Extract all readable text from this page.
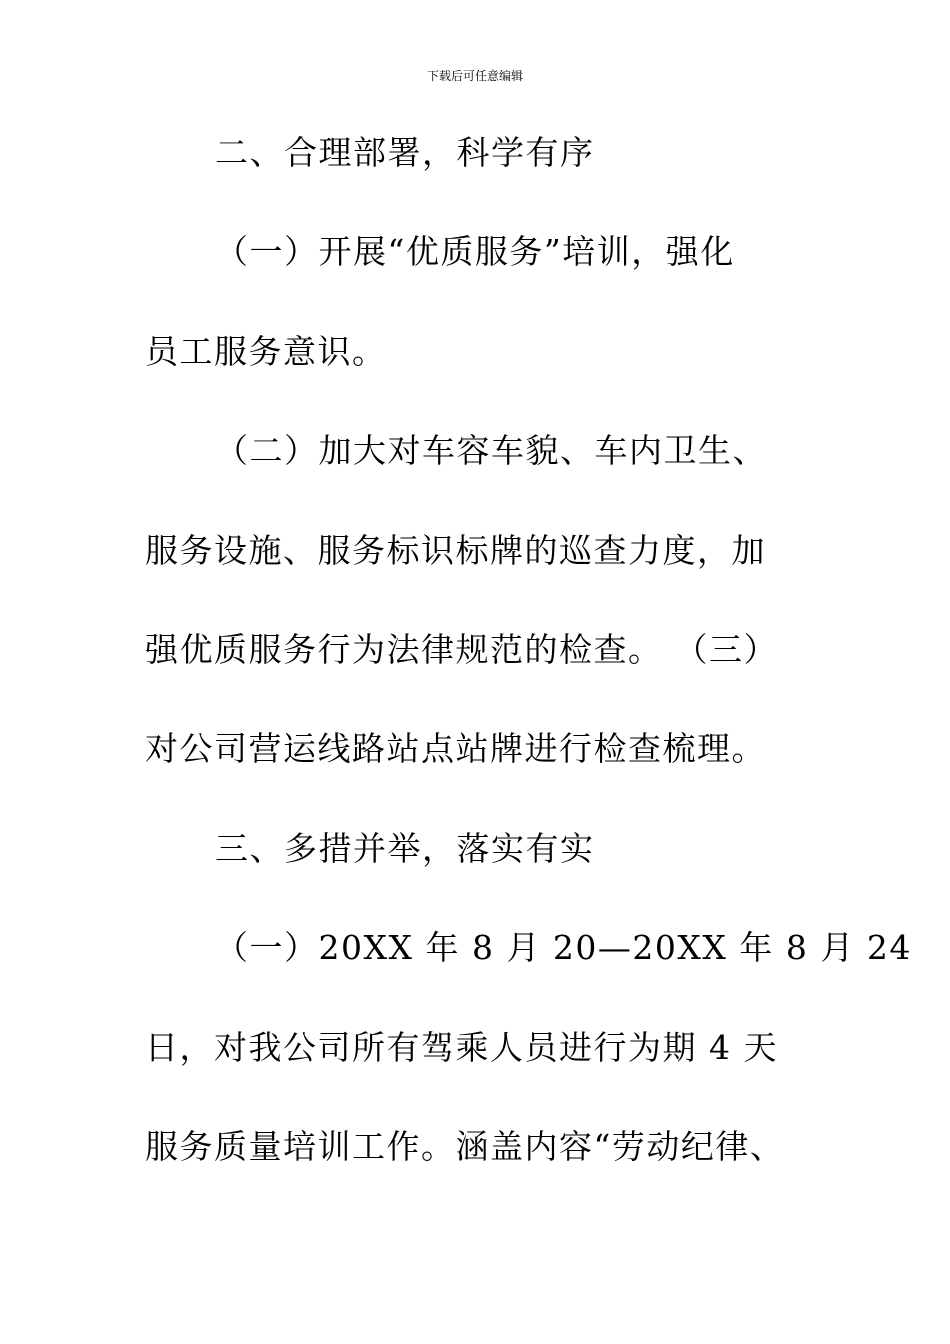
下载后可任意编辑
二、合理部署，科学有序
（一）开展“优质服务”培训，强化
员工服务意识。
（二）加大对车容车貌、车内卫生、
服务设施、服务标识标牌的巡查力度，加
强优质服务行为法律规范的检查。 （三）
对公司营运线路站点站牌进行检查梳理。
三、多措并举，落实有实
（一）20XX 年 8 月 20—20XX 年 8 月 24
日，对我公司所有驾乘人员进行为期 4 天
服务质量培训工作。涵盖内容“劳动纪律、
